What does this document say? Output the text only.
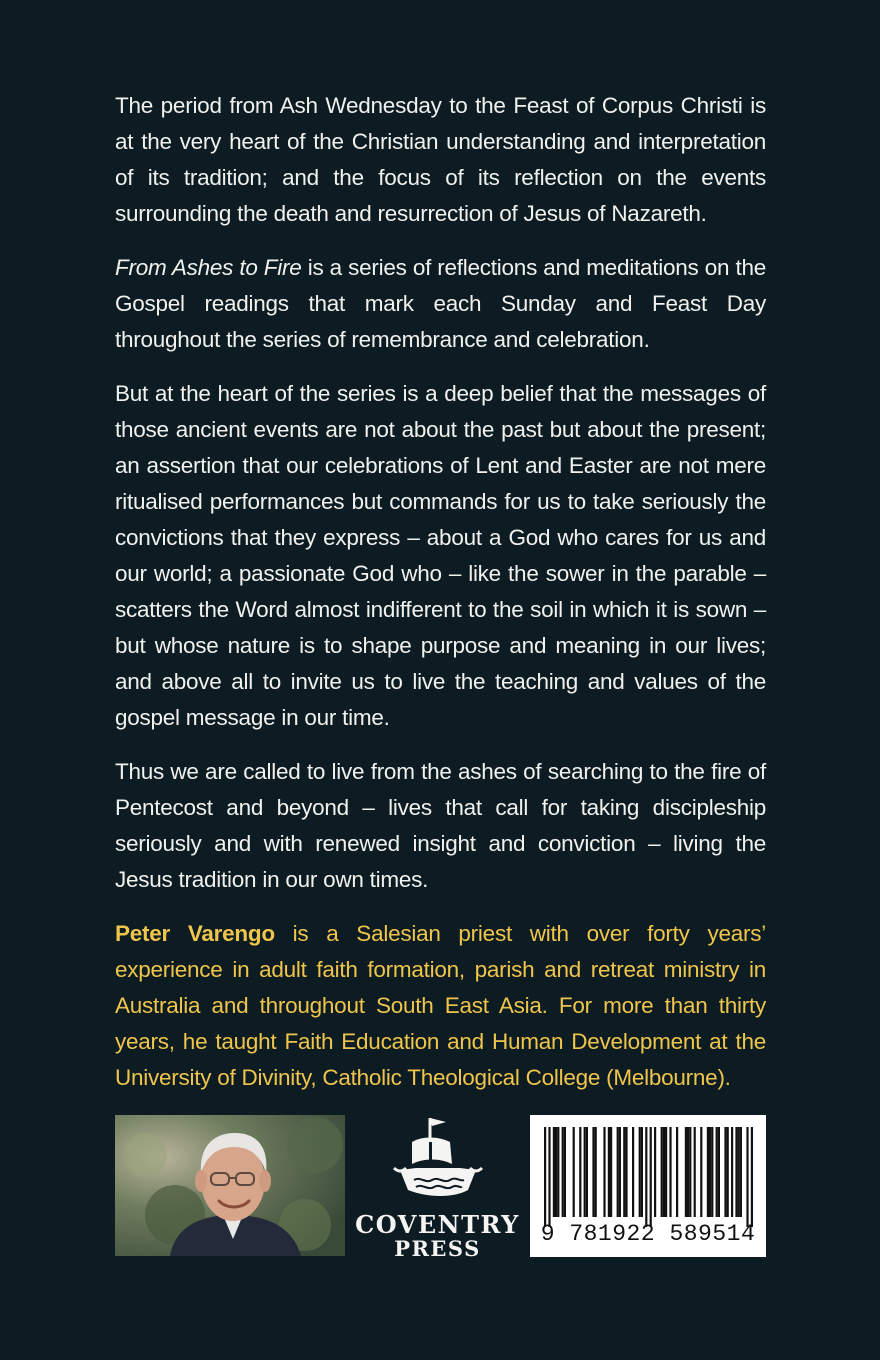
The period from Ash Wednesday to the Feast of Corpus Christi is at the very heart of the Christian understanding and interpretation of its tradition; and the focus of its reflection on the events surrounding the death and resurrection of Jesus of Nazareth.

From Ashes to Fire is a series of reflections and meditations on the Gospel readings that mark each Sunday and Feast Day throughout the series of remembrance and celebration.

But at the heart of the series is a deep belief that the messages of those ancient events are not about the past but about the present; an assertion that our celebrations of Lent and Easter are not mere ritualised performances but commands for us to take seriously the convictions that they express – about a God who cares for us and our world; a passionate God who – like the sower in the parable – scatters the Word almost indifferent to the soil in which it is sown – but whose nature is to shape purpose and meaning in our lives; and above all to invite us to live the teaching and values of the gospel message in our time.

Thus we are called to live from the ashes of searching to the fire of Pentecost and beyond – lives that call for taking discipleship seriously and with renewed insight and conviction – living the Jesus tradition in our own times.

Peter Varengo is a Salesian priest with over forty years’ experience in adult faith formation, parish and retreat ministry in Australia and throughout South East Asia. For more than thirty years, he taught Faith Education and Human Development at the University of Divinity, Catholic Theological College (Melbourne).

COVENTRY
PRESS
9 781922 589514
